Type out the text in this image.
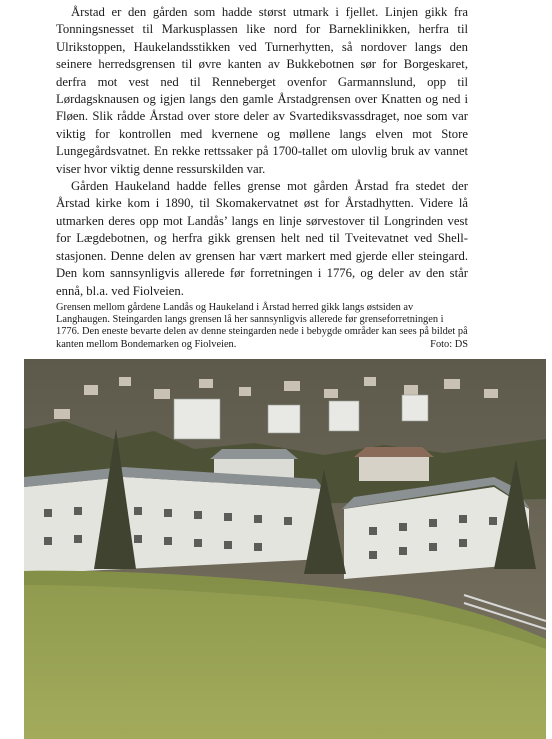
Årstad er den gården som hadde størst utmark i fjellet. Linjen gikk fra Tonningsnesset til Markusplassen like nord for Barneklinikken, herfra til Ulrikstoppen, Haukelandsstikken ved Turnerhytten, så nordover langs den seinere herredsgrensen til øvre kanten av Bukkebotnen sør for Borgeskaret, derfra mot vest ned til Renneberget ovenfor Garmannslund, opp til Lørdagsknausen og igjen langs den gamle Årstadgrensen over Knatten og ned i Fløen. Slik rådde Årstad over store deler av Svartediksvassdraget, noe som var viktig for kontrollen med kvernene og møllene langs elven mot Store Lungegårdsvatnet. En rekke rettssaker på 1700-tallet om ulovlig bruk av vannet viser hvor viktig denne ressurskilden var.

Gården Haukeland hadde felles grense mot gården Årstad fra stedet der Årstad kirke kom i 1890, til Skomakervatnet øst for Årstadhytten. Videre lå utmarken deres opp mot Landås’ langs en linje sørvestover til Longrinden vest for Lægdebotnen, og herfra gikk grensen helt ned til Tveitevatnet ved Shell-stasjonen. Denne delen av grensen har vært markert med gjerde eller steingard. Den kom sannsynligvis allerede før forretningen i 1776, og deler av den står ennå, bl.a. ved Fiolveien.

Grensen mellom gårdene Landås og Haukeland i Årstad herred gikk langs østsiden av Langhaugen. Steingarden langs grensen lå her sannsynligvis allerede før grenseforretningen i 1776. Den eneste bevarte delen av denne steingarden nede i bebygde områder kan sees på bildet på kanten mellom Bondemarken og Fiolveien.	Foto: DS
